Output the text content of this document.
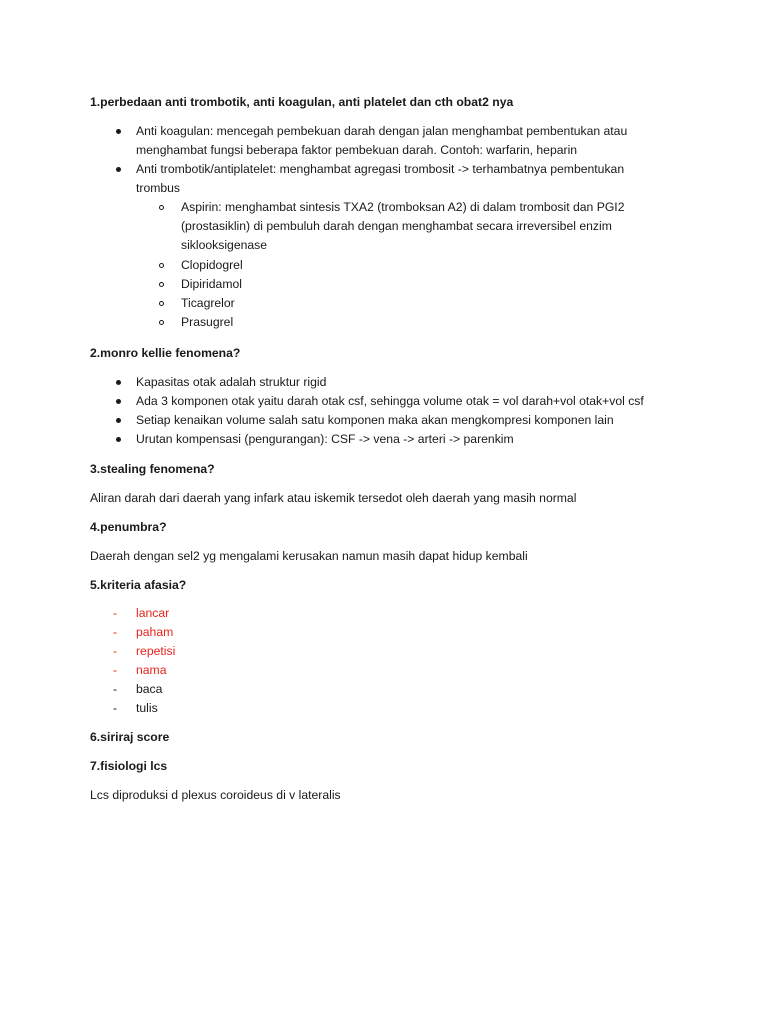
1.perbedaan anti trombotik, anti koagulan, anti platelet dan cth obat2 nya
Anti koagulan: mencegah pembekuan darah dengan jalan menghambat pembentukan atau
menghambat fungsi beberapa faktor pembekuan darah. Contoh: warfarin, heparin
Anti trombotik/antiplatelet: menghambat agregasi trombosit -> terhambatnya pembentukan
trombus
Aspirin: menghambat sintesis TXA2 (tromboksan A2) di dalam trombosit dan PGI2
(prostasiklin) di pembuluh darah dengan menghambat secara irreversibel enzim
siklooksigenase
Clopidogrel
Dipiridamol
Ticagrelor
Prasugrel
2.monro kellie fenomena?
Kapasitas otak adalah struktur rigid
Ada 3 komponen otak yaitu darah otak csf, sehingga volume otak = vol darah+vol otak+vol csf
Setiap kenaikan volume salah satu komponen maka akan mengkompresi komponen lain
Urutan kompensasi (pengurangan): CSF -> vena -> arteri -> parenkim
3.stealing fenomena?
Aliran darah dari daerah yang infark atau iskemik tersedot oleh daerah yang masih normal
4.penumbra?
Daerah dengan sel2 yg mengalami kerusakan namun masih dapat hidup kembali
5.kriteria afasia?
- lancar
- paham
- repetisi
- nama
- baca
- tulis
6.siriraj score
7.fisiologi lcs
Lcs diproduksi d plexus coroideus di v lateralis
